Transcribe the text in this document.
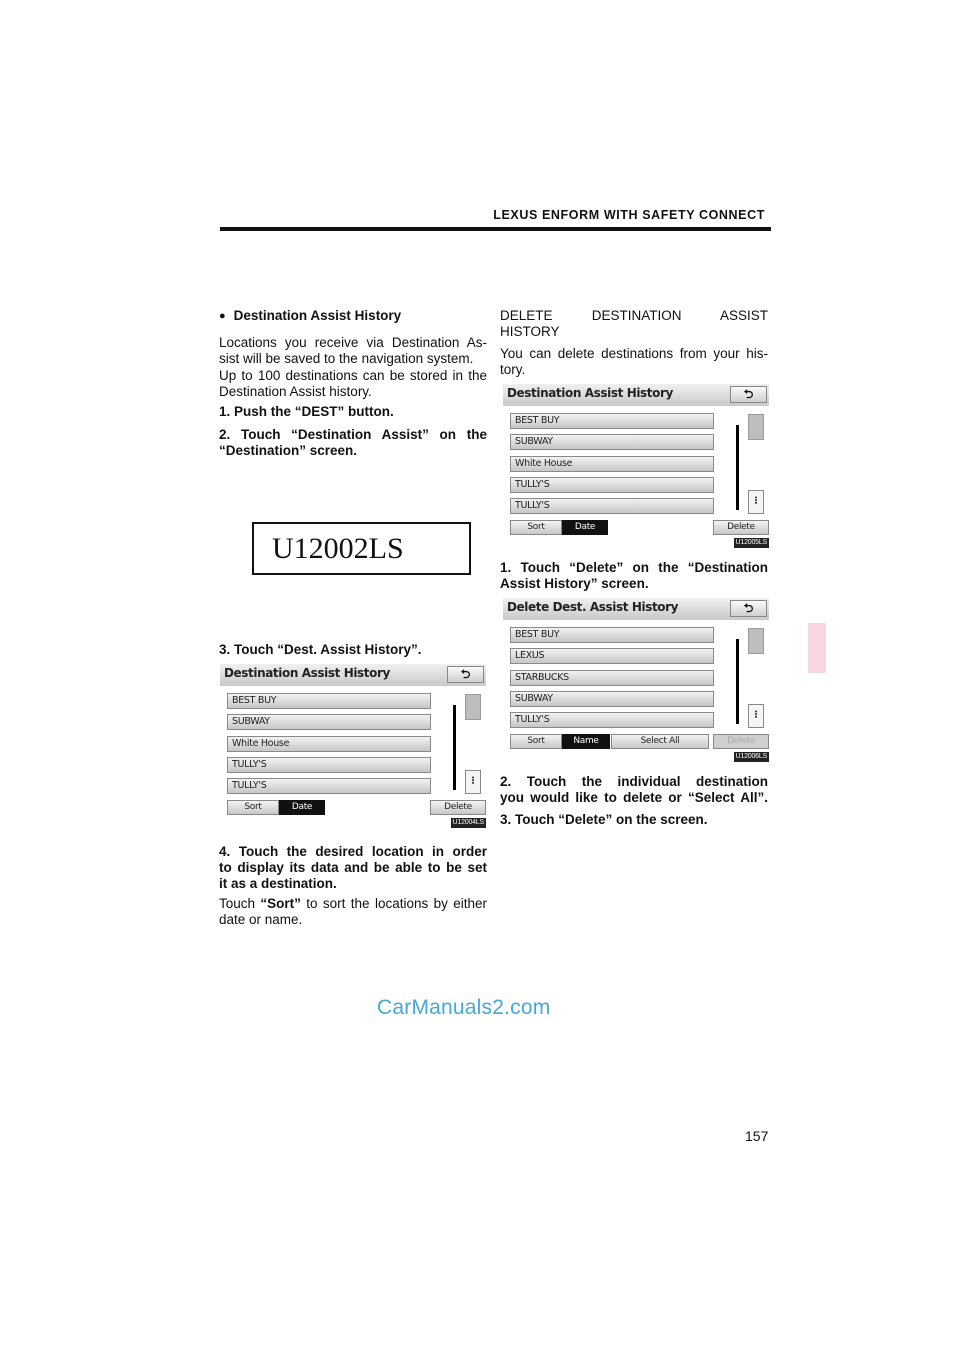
LEXUS ENFORM WITH SAFETY CONNECT

● Destination Assist History

Locations you receive via Destination As-

sist will be saved to the navigation system.

Up to 100 destinations can be stored in the

Destination Assist history.

1. Push the “DEST” button.

2. Touch “Destination Assist” on the

“Destination” screen.

U12002LS

3. Touch “Dest. Assist History”.

Destination Assist History	⮌
BEST BUY
SUBWAY
White House
TULLY'S
TULLY'S	⁝
Sort	Date	Delete
U12004LS

4. Touch the desired location in order

to display its data and be able to be set

it as a destination.

Touch “Sort” to sort the locations by either

date or name.

DELETE DESTINATION ASSIST

HISTORY

You can delete destinations from your his-

tory.

Destination Assist History	⮌
BEST BUY
SUBWAY
White House
TULLY'S
TULLY'S	⁝
Sort	Date	Delete
U12005LS

1. Touch “Delete” on the “Destination

Assist History” screen.

Delete Dest. Assist History	⮌
BEST BUY
LEXUS
STARBUCKS
SUBWAY
TULLY'S	⁝
Sort	Name	Select All	Delete
U12006LS

2. Touch the individual destination

you would like to delete or “Select All”.

3. Touch “Delete” on the screen.

CarManuals2.com
157
